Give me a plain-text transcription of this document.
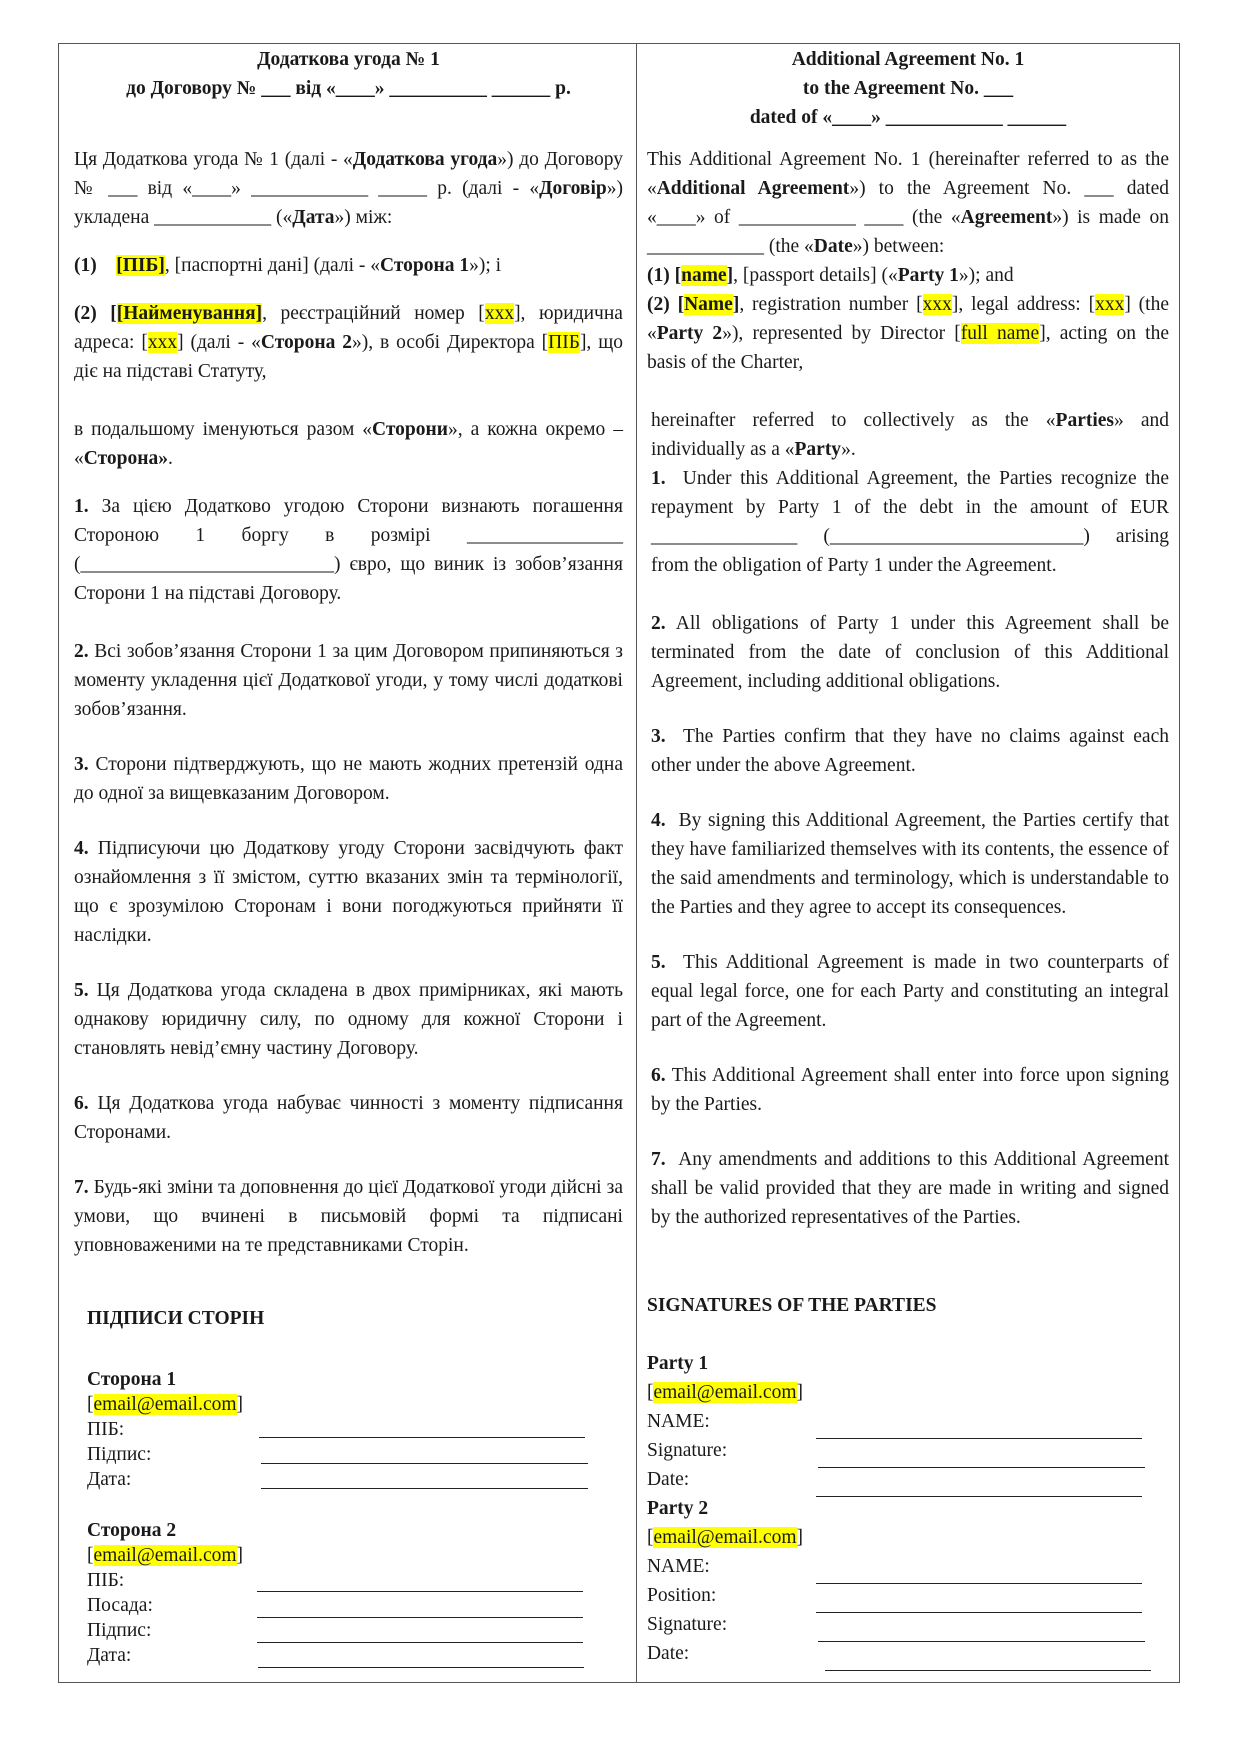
Додаткова угода № 1
до Договору № ___ від «____» __________ ______ р.

Ця Додаткова угода № 1 (далі - «Додаткова угода») до Договору № ___ від «____» ____________ _____ р. (далі - «Договір») укладена ____________ («Дата») між:

(1) [ПІБ], [паспортні дані] (далі - «Сторона 1»); і

(2) [[Найменування], реєстраційний номер [xxx], юридична адреса: [xxx] (далі - «Сторона 2»), в особі Директора [ПІБ], що діє на підставі Статуту,

в подальшому іменуються разом «Сторони», а кожна окремо – «Сторона».

1. За цією Додатково угодою Сторони визнають погашення Стороною 1 боргу в розмірі ________________ (__________________________) євро, що виник із зобов’язання Сторони 1 на підставі Договору.

2. Всі зобов’язання Сторони 1 за цим Договором припиняються з моменту укладення цієї Додаткової угоди, у тому числі додаткові зобов’язання.

3. Сторони підтверджують, що не мають жодних претензій одна до одної за вищевказаним Договором.

4. Підписуючи цю Додаткову угоду Сторони засвідчують факт ознайомлення з її змістом, суттю вказаних змін та термінології, що є зрозумілою Сторонам і вони погоджуються прийняти її наслідки.

5. Ця Додаткова угода складена в двох примірниках, які мають однакову юридичну силу, по одному для кожної Сторони і становлять невід’ємну частину Договору.

6. Ця Додаткова угода набуває чинності з моменту підписання Сторонами.

7. Будь-які зміни та доповнення до цієї Додаткової угоди дійсні за умови, що вчинені в письмовій формі та підписані уповноваженими на те представниками Сторін.

ПІДПИСИ СТОРІН
Сторона 1
[email@email.com]
ПІБ:
Підпис:
Дата:
Сторона 2
[email@email.com]
ПІБ:
Посада:
Підпис:
Дата:
Additional Agreement No. 1
to the Agreement No. ___
dated of «____» ____________ ______

This Additional Agreement No. 1 (hereinafter referred to as the «Additional Agreement») to the Agreement No. ___ dated «____» of ____________ ____ (the «Agreement») is made on ____________ (the «Date») between:

(1) [name], [passport details] («Party 1»); and

(2) [Name], registration number [xxx], legal address: [xxx] (the «Party 2»), represented by Director [full name], acting on the basis of the Charter,

hereinafter referred to collectively as the «Parties» and individually as a «Party».

1. Under this Additional Agreement, the Parties recognize the repayment by Party 1 of the debt in the amount of EUR _______________ (__________________________) arising from the obligation of Party 1 under the Agreement.

2. All obligations of Party 1 under this Agreement shall be terminated from the date of conclusion of this Additional Agreement, including additional obligations.

3. The Parties confirm that they have no claims against each other under the above Agreement.

4. By signing this Additional Agreement, the Parties certify that they have familiarized themselves with its contents, the essence of the said amendments and terminology, which is understandable to the Parties and they agree to accept its consequences.

5. This Additional Agreement is made in two counterparts of equal legal force, one for each Party and constituting an integral part of the Agreement.

6. This Additional Agreement shall enter into force upon signing by the Parties.

7. Any amendments and additions to this Additional Agreement shall be valid provided that they are made in writing and signed by the authorized representatives of the Parties.

SIGNATURES OF THE PARTIES
Party 1
[email@email.com]
NAME:
Signature:
Date:
Party 2
[email@email.com]
NAME:
Position:
Signature:
Date:
